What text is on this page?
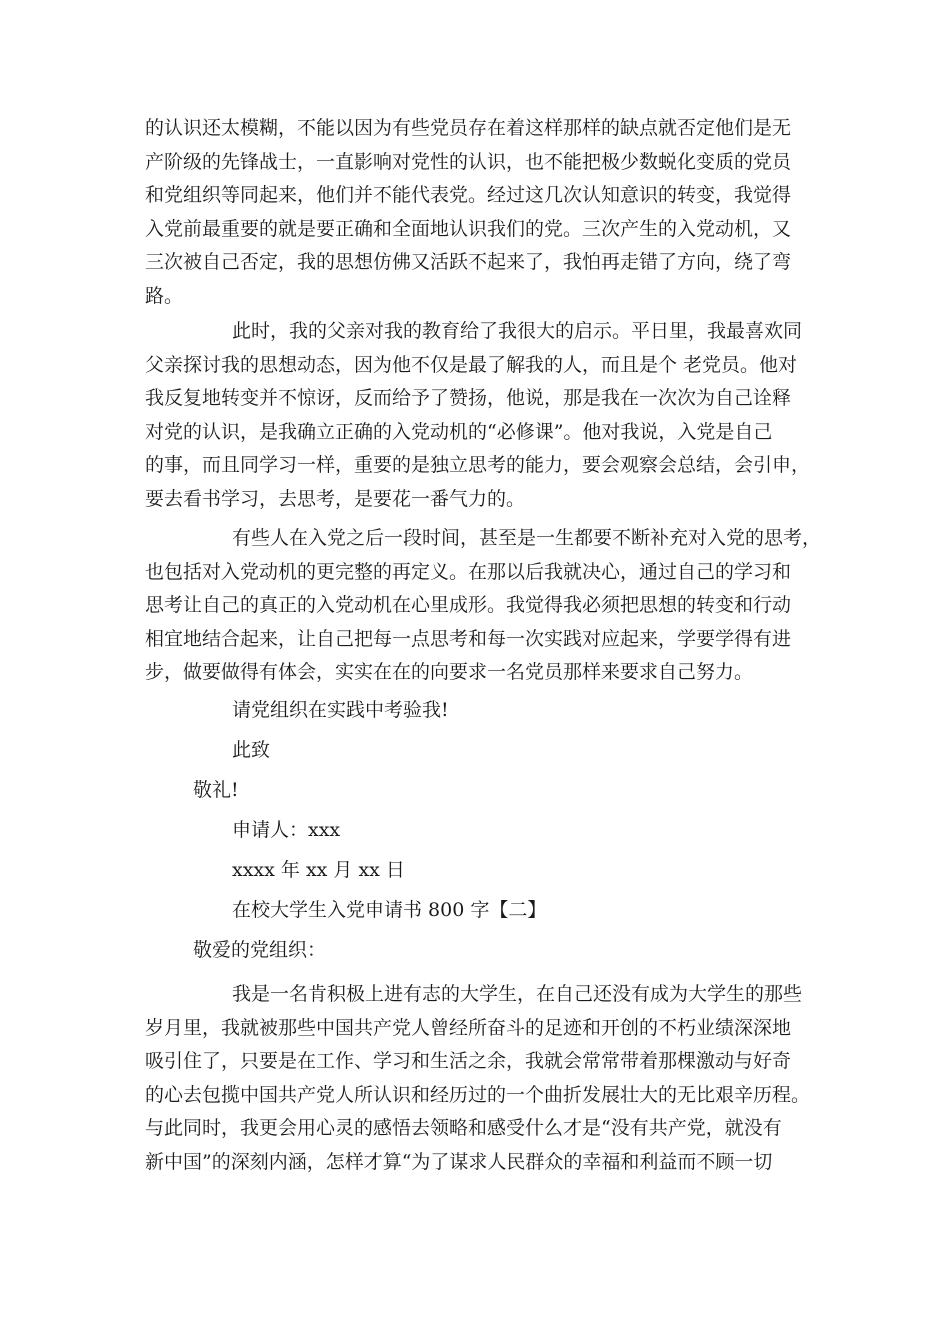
的认识还太模糊，不能以因为有些党员存在着这样那样的缺点就否定他们是无
产阶级的先锋战士，一直影响对党性的认识，也不能把极少数蜕化变质的党员
和党组织等同起来，他们并不能代表党。经过这几次认知意识的转变，我觉得
入党前最重要的就是要正确和全面地认识我们的党。三次产生的入党动机，又
三次被自己否定，我的思想仿佛又活跃不起来了，我怕再走错了方向，绕了弯
路。
此时，我的父亲对我的教育给了我很大的启示。平日里，我最喜欢同
父亲探讨我的思想动态，因为他不仅是最了解我的人，而且是个 老党员。他对
我反复地转变并不惊讶，反而给予了赞扬，他说，那是我在一次次为自己诠释
对党的认识，是我确立正确的入党动机的“必修课”。他对我说，入党是自己
的事，而且同学习一样，重要的是独立思考的能力，要会观察会总结，会引申，
要去看书学习，去思考，是要花一番气力的。
有些人在入党之后一段时间，甚至是一生都要不断补充对入党的思考，
也包括对入党动机的更完整的再定义。在那以后我就决心，通过自己的学习和
思考让自己的真正的入党动机在心里成形。我觉得我必须把思想的转变和行动
相宜地结合起来，让自己把每一点思考和每一次实践对应起来，学要学得有进
步，做要做得有体会，实实在在的向要求一名党员那样来要求自己努力。
请党组织在实践中考验我!
此致
敬礼!
申请人：xxx
xxxx 年 xx 月 xx 日
在校大学生入党申请书 800 字【二】
敬爱的党组织：
我是一名肯积极上进有志的大学生，在自己还没有成为大学生的那些
岁月里，我就被那些中国共产党人曾经所奋斗的足迹和开创的不朽业绩深深地
吸引住了，只要是在工作、学习和生活之余，我就会常常带着那棵激动与好奇
的心去包揽中国共产党人所认识和经历过的一个曲折发展壮大的无比艰辛历程。
与此同时，我更会用心灵的感悟去领略和感受什么才是“没有共产党，就没有
新中国”的深刻内涵，怎样才算“为了谋求人民群众的幸福和利益而不顾一切
